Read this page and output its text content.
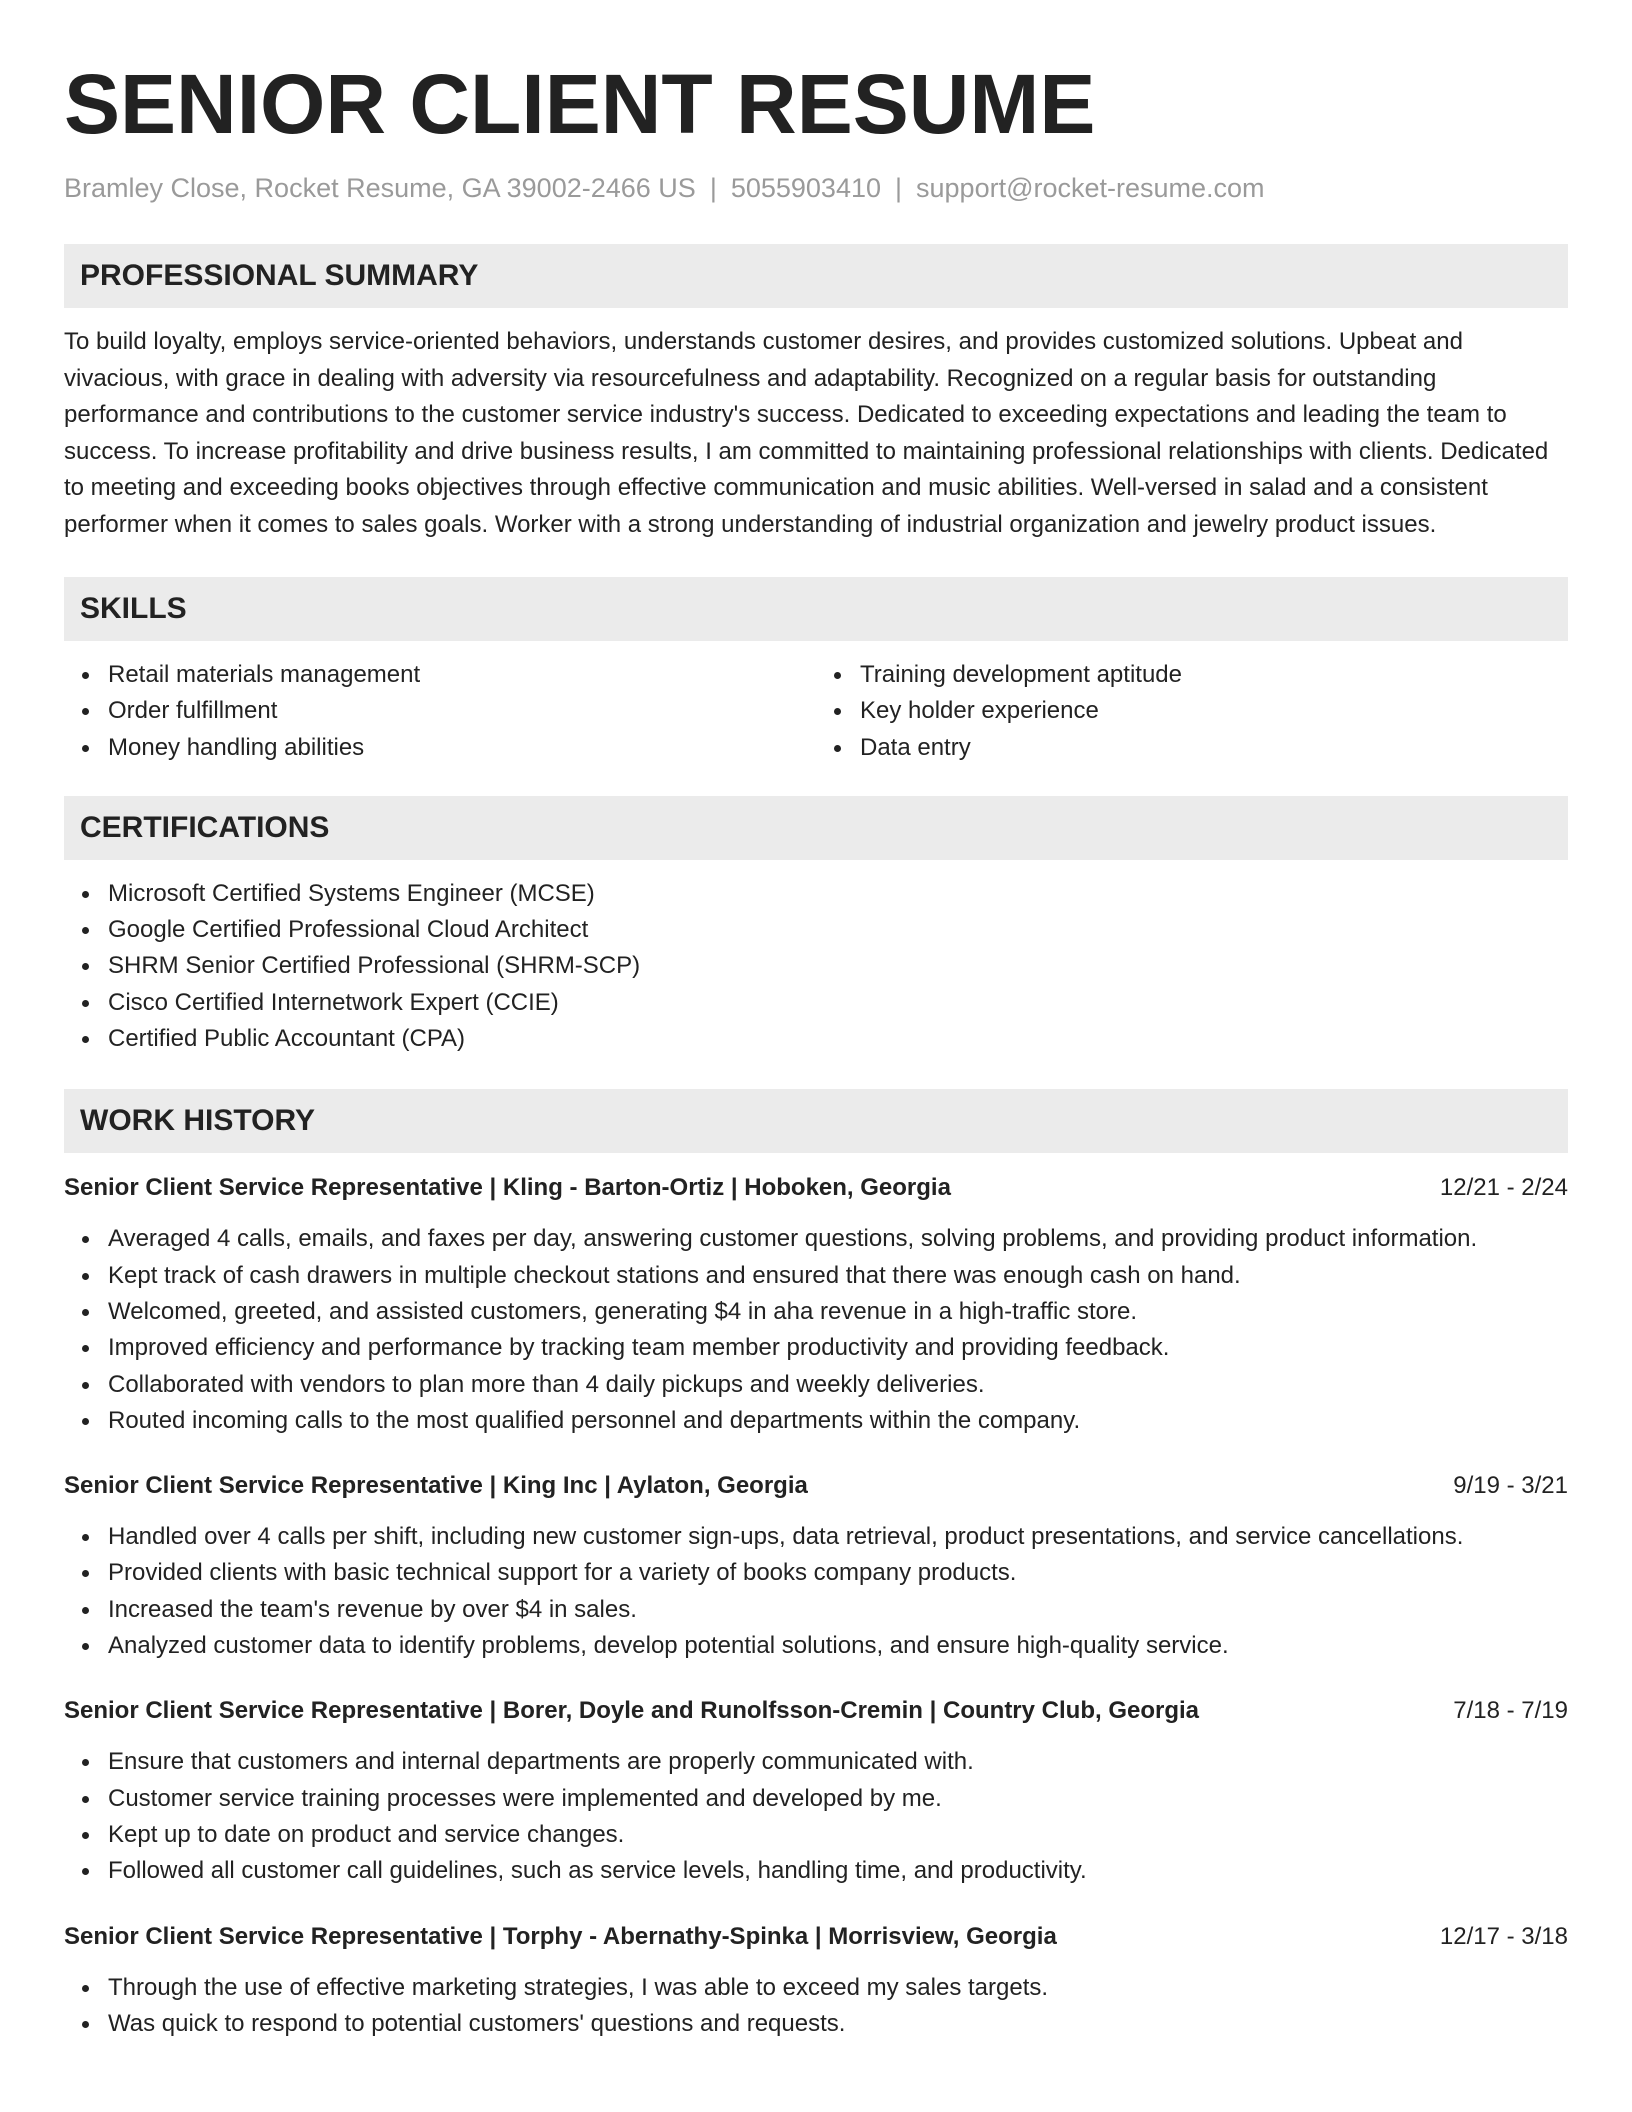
SENIOR CLIENT RESUME
Bramley Close, Rocket Resume, GA 39002-2466 US | 5055903410 | support@rocket-resume.com
PROFESSIONAL SUMMARY
To build loyalty, employs service-oriented behaviors, understands customer desires, and provides customized solutions. Upbeat and vivacious, with grace in dealing with adversity via resourcefulness and adaptability. Recognized on a regular basis for outstanding performance and contributions to the customer service industry's success. Dedicated to exceeding expectations and leading the team to success. To increase profitability and drive business results, I am committed to maintaining professional relationships with clients. Dedicated to meeting and exceeding books objectives through effective communication and music abilities. Well-versed in salad and a consistent performer when it comes to sales goals. Worker with a strong understanding of industrial organization and jewelry product issues.
SKILLS
Retail materials management
Order fulfillment
Money handling abilities
Training development aptitude
Key holder experience
Data entry
CERTIFICATIONS
Microsoft Certified Systems Engineer (MCSE)
Google Certified Professional Cloud Architect
SHRM Senior Certified Professional (SHRM-SCP)
Cisco Certified Internetwork Expert (CCIE)
Certified Public Accountant (CPA)
WORK HISTORY
Senior Client Service Representative | Kling - Barton-Ortiz | Hoboken, Georgia	12/21 - 2/24
Averaged 4 calls, emails, and faxes per day, answering customer questions, solving problems, and providing product information.
Kept track of cash drawers in multiple checkout stations and ensured that there was enough cash on hand.
Welcomed, greeted, and assisted customers, generating $4 in aha revenue in a high-traffic store.
Improved efficiency and performance by tracking team member productivity and providing feedback.
Collaborated with vendors to plan more than 4 daily pickups and weekly deliveries.
Routed incoming calls to the most qualified personnel and departments within the company.
Senior Client Service Representative | King Inc | Aylaton, Georgia	9/19 - 3/21
Handled over 4 calls per shift, including new customer sign-ups, data retrieval, product presentations, and service cancellations.
Provided clients with basic technical support for a variety of books company products.
Increased the team's revenue by over $4 in sales.
Analyzed customer data to identify problems, develop potential solutions, and ensure high-quality service.
Senior Client Service Representative | Borer, Doyle and Runolfsson-Cremin | Country Club, Georgia	7/18 - 7/19
Ensure that customers and internal departments are properly communicated with.
Customer service training processes were implemented and developed by me.
Kept up to date on product and service changes.
Followed all customer call guidelines, such as service levels, handling time, and productivity.
Senior Client Service Representative | Torphy - Abernathy-Spinka | Morrisview, Georgia	12/17 - 3/18
Through the use of effective marketing strategies, I was able to exceed my sales targets.
Was quick to respond to potential customers' questions and requests.
